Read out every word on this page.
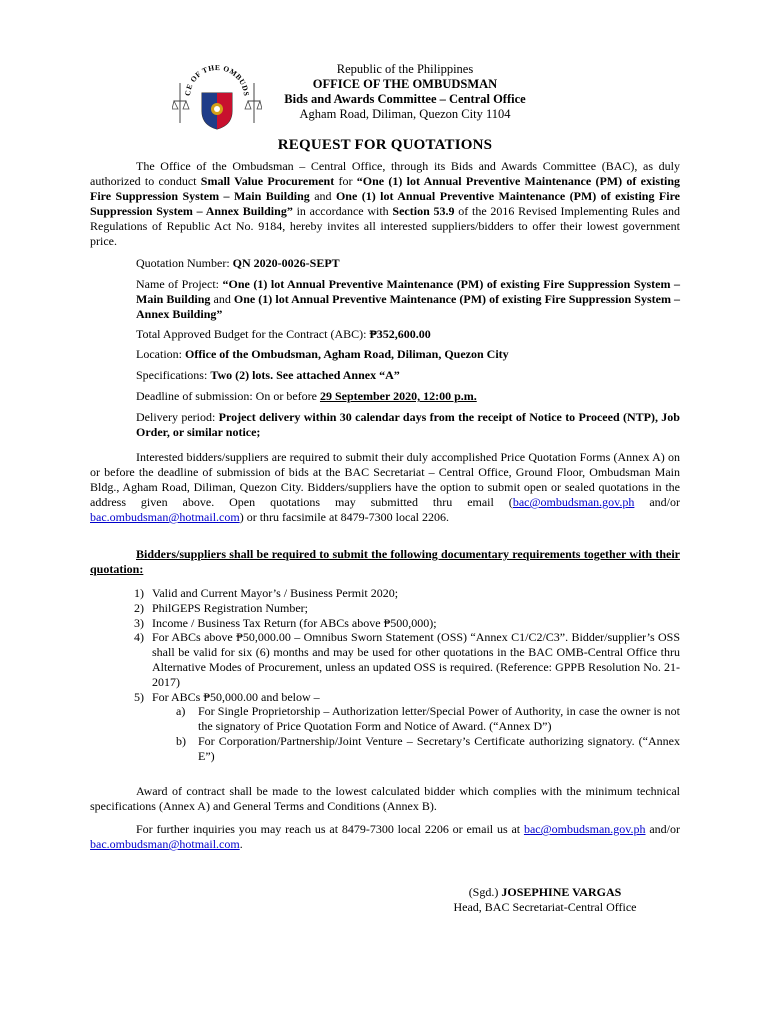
CE OF THE OMBUDS
Republic of the Philippines
OFFICE OF THE OMBUDSMAN
Bids and Awards Committee – Central Office
Agham Road, Diliman, Quezon City 1104
REQUEST FOR QUOTATIONS
The Office of the Ombudsman – Central Office, through its Bids and Awards Committee (BAC), as duly authorized to conduct Small Value Procurement for “One (1) lot Annual Preventive Maintenance (PM) of existing Fire Suppression System – Main Building and One (1) lot Annual Preventive Maintenance (PM) of existing Fire Suppression System – Annex Building” in accordance with Section 53.9 of the 2016 Revised Implementing Rules and Regulations of Republic Act No. 9184, hereby invites all interested suppliers/bidders to offer their lowest government price.
Quotation Number: QN 2020-0026-SEPT
Name of Project: “One (1) lot Annual Preventive Maintenance (PM) of existing Fire Suppression System – Main Building and One (1) lot Annual Preventive Maintenance (PM) of existing Fire Suppression System – Annex Building”
Total Approved Budget for the Contract (ABC): ₱352,600.00
Location: Office of the Ombudsman, Agham Road, Diliman, Quezon City
Specifications: Two (2) lots. See attached Annex “A”
Deadline of submission: On or before 29 September 2020, 12:00 p.m.
Delivery period: Project delivery within 30 calendar days from the receipt of Notice to Proceed (NTP), Job Order, or similar notice;
Interested bidders/suppliers are required to submit their duly accomplished Price Quotation Forms (Annex A) on or before the deadline of submission of bids at the BAC Secretariat – Central Office, Ground Floor, Ombudsman Main Bldg., Agham Road, Diliman, Quezon City. Bidders/suppliers have the option to submit open or sealed quotations in the address given above. Open quotations may submitted thru email (bac@ombudsman.gov.ph and/or bac.ombudsman@hotmail.com) or thru facsimile at 8479-7300 local 2206.
Bidders/suppliers shall be required to submit the following documentary requirements together with their quotation:
1) Valid and Current Mayor’s / Business Permit 2020;
2) PhilGEPS Registration Number;
3) Income / Business Tax Return (for ABCs above ₱500,000);
4) For ABCs above ₱50,000.00 – Omnibus Sworn Statement (OSS) “Annex C1/C2/C3”. Bidder/supplier’s OSS shall be valid for six (6) months and may be used for other quotations in the BAC OMB-Central Office thru Alternative Modes of Procurement, unless an updated OSS is required. (Reference: GPPB Resolution No. 21-2017)
5) For ABCs ₱50,000.00 and below –
a) For Single Proprietorship – Authorization letter/Special Power of Authority, in case the owner is not the signatory of Price Quotation Form and Notice of Award. (“Annex D”)
b) For Corporation/Partnership/Joint Venture – Secretary’s Certificate authorizing signatory. (“Annex E”)
Award of contract shall be made to the lowest calculated bidder which complies with the minimum technical specifications (Annex A) and General Terms and Conditions (Annex B).
For further inquiries you may reach us at 8479-7300 local 2206 or email us at bac@ombudsman.gov.ph and/or bac.ombudsman@hotmail.com.
(Sgd.) JOSEPHINE VARGAS
Head, BAC Secretariat-Central Office
